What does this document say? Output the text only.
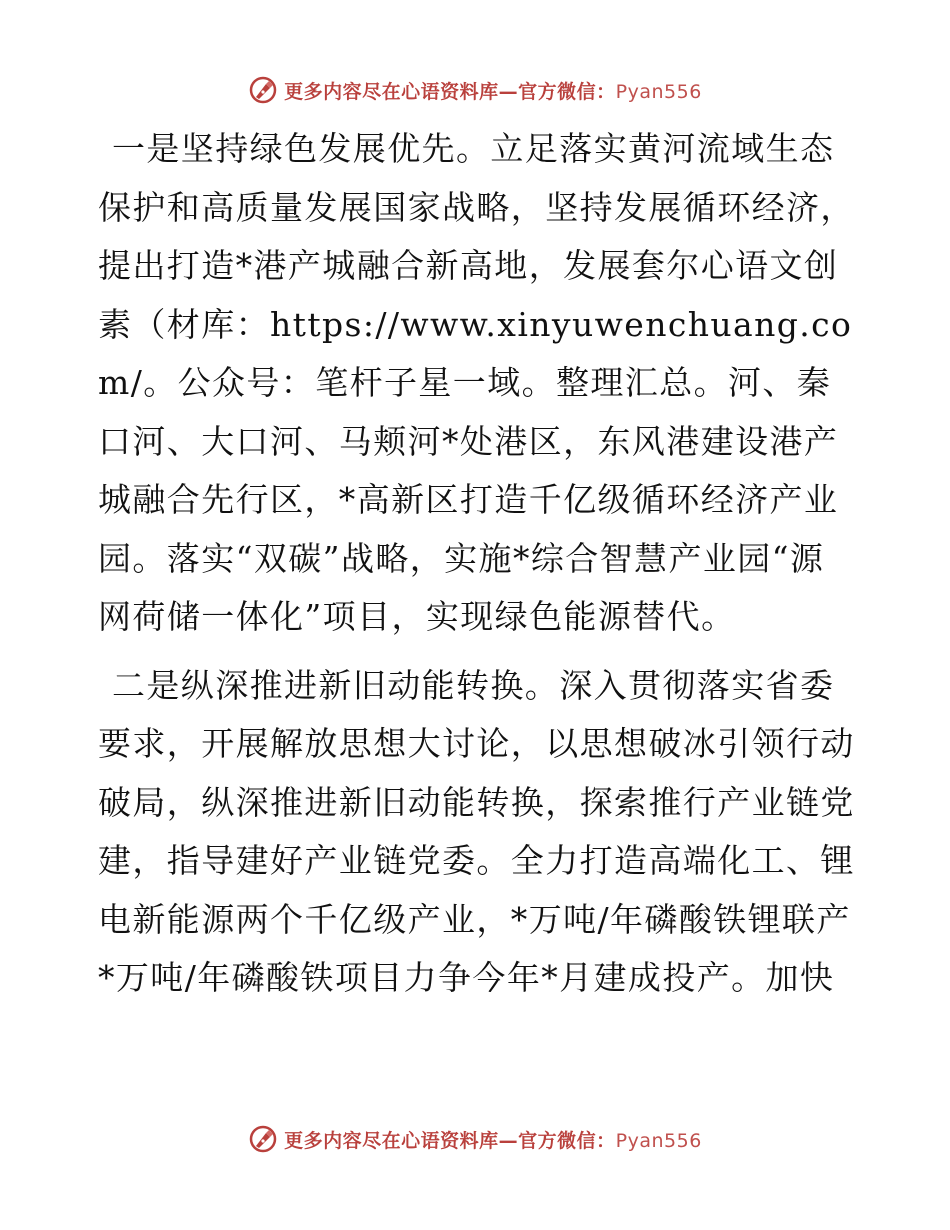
更多内容尽在心语资料库—官方微信：Pyan556

一是坚持绿色发展优先。立足落实黄河流域生态保护和高质量发展国家战略，坚持发展循环经济，提出打造*港产城融合新高地，发展套尔心语文创素（材库：https://www.xinyuwenchuang.com/。公众号：笔杆子星一域。整理汇总。河、秦口河、大口河、马颊河*处港区，东风港建设港产城融合先行区，*高新区打造千亿级循环经济产业园。落实“双碳”战略，实施*综合智慧产业园“源网荷储一体化”项目，实现绿色能源替代。

二是纵深推进新旧动能转换。深入贯彻落实省委要求，开展解放思想大讨论，以思想破冰引领行动破局，纵深推进新旧动能转换，探索推行产业链党建，指导建好产业链党委。全力打造高端化工、锂电新能源两个千亿级产业，*万吨/年磷酸铁锂联产*万吨/年磷酸铁项目力争今年*月建成投产。加快

更多内容尽在心语资料库—官方微信：Pyan556
